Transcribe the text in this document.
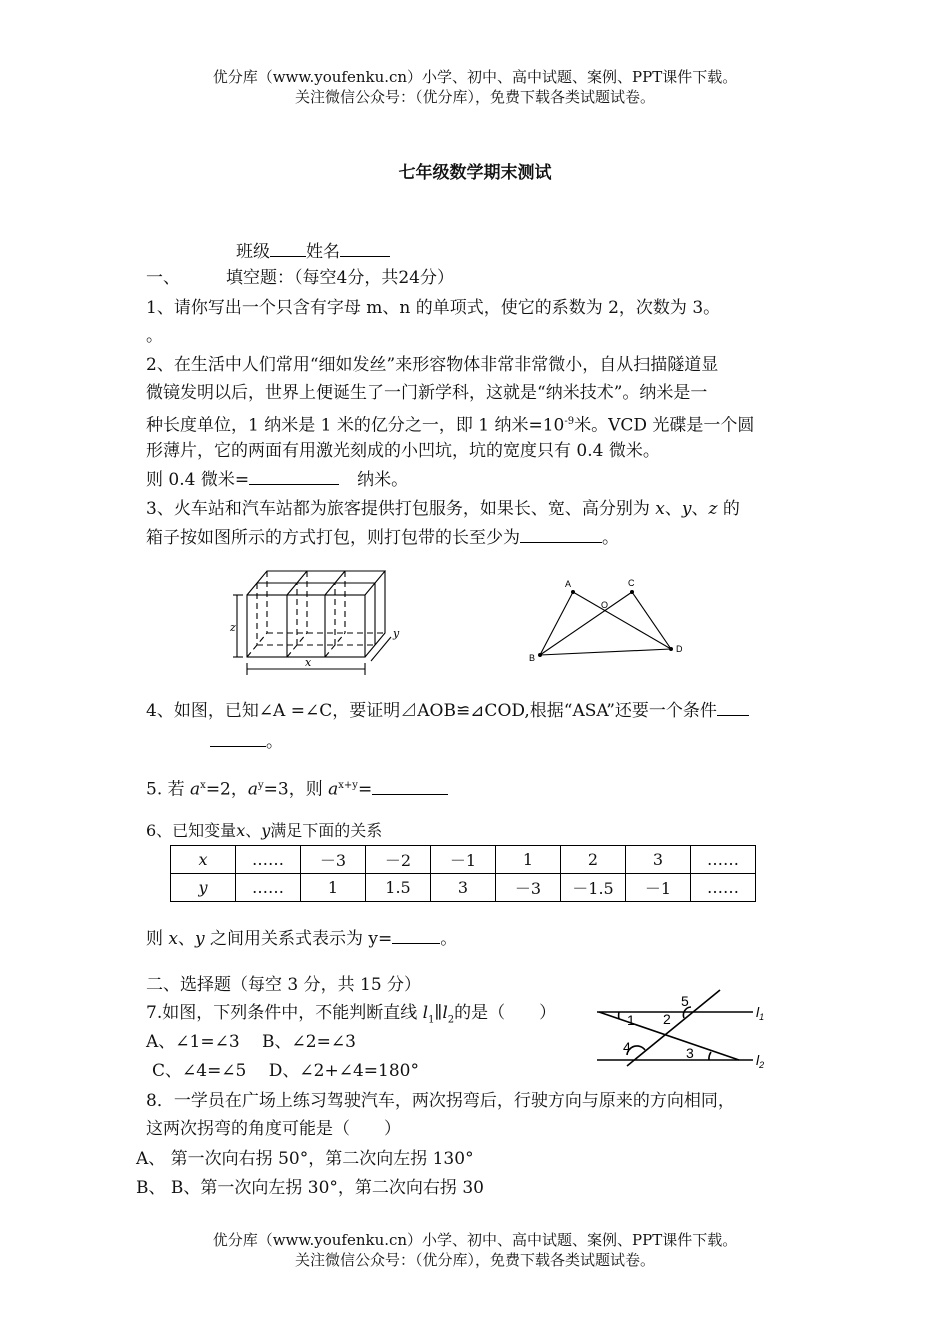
优分库（www.youfenku.cn）小学、初中、高中试题、案例、PPT课件下载。
关注微信公众号：（优分库），免费下载各类试题试卷。
七年级数学期末测试
班级 姓名
一、	填空题：（每空4分，共24分）
1、请你写出一个只含有字母 m、n 的单项式，使它的系数为 2，次数为 3。
。
2、在生活中人们常用“细如发丝”来形容物体非常非常微小，自从扫描隧道显
微镜发明以后，世界上便诞生了一门新学科，这就是“纳米技术”。纳米是一
种长度单位，1 纳米是 1 米的亿分之一，即 1 纳米$=10^{-9}$米。VCD 光碟是一个圆
形薄片，它的两面有用激光刻成的小凹坑，坑的宽度只有 0.4 微米。
则 0.4 微米=	纳米。
3、火车站和汽车站都为旅客提供打包服务，如果长、宽、高分别为 x、y、z 的
箱子按如图所示的方式打包，则打包带的长至少为	。
z
x
y
A	C
O
B
D
4、如图，已知∠A =∠C，要证明⊿AOB≌⊿COD,根据“ASA”还要一个条件
。
5. 若 $a^x=2$，$a^y=3$，则 $a^{x+y}=$
6、已知变量x、y满足下面的关系
x	……	－3	－2	－1	1	2	3	……
y	……	1	1.5	3	－3	－1.5	－1	……
则 x、y 之间用关系式表示为 y=	。
二、选择题（每空 3 分，共 15 分）
7.如图，下列条件中，不能判断直线 $l_1\parallel l_2$的是（　　）
A、∠1=∠3　 B、∠2=∠3
C、∠4=∠5　 D、∠2+∠4=180°
1 2
3
4
5
$l_1$
$l_2$
8．一学员在广场上练习驾驶汽车，两次拐弯后，行驶方向与原来的方向相同，
这两次拐弯的角度可能是（　　）
A、 第一次向右拐 50°，第二次向左拐 130°
B、 B、第一次向左拐 30°，第二次向右拐 30
优分库（www.youfenku.cn）小学、初中、高中试题、案例、PPT课件下载。
关注微信公众号：（优分库），免费下载各类试题试卷。
